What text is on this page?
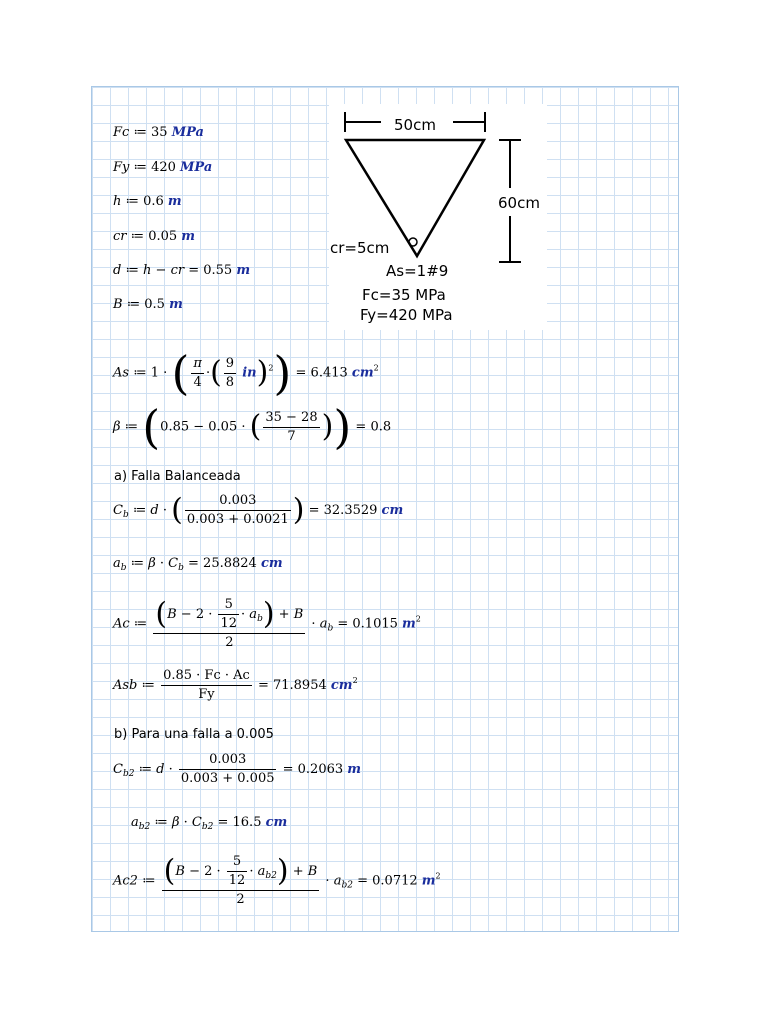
Fc ≔ 35 MPa
Fy ≔ 420 MPa
h ≔ 0.6 m
cr ≔ 0.05 m
d ≔ h − cr = 0.55 m
B ≔ 0.5 m
50cm
60cm
cr=5cm
As=1#9
Fc=35 MPa
Fy=420 MPa
As ≔ 1 · ( $\frac{\pi}{4}$ ·( $\frac{9}{8} in)^2) = 6.413$ $cm^2$
β ≔ (0.85 − 0.05 · ( $\frac{35 - 28}{7}$ )) = 0.8
a) Falla Balanceada
$C_b$ ≔ d · ( $\frac{0.003}{0.003 + 0.0021}$ ) = 32.3529 cm
$a_b$ ≔ $\beta \cdot C_b = 25.8824$ cm
Ac ≔ $\frac{(B - 2 \cdot \frac{5}{12} \cdot a_b) + B}{2} \cdot a_b = 0.1015$ $m^2$
Asb ≔ $\frac{0.85 \cdot Fc \cdot Ac}{Fy} = 71.8954$ $cm^2$
b) Para una falla a 0.005
$C_{b2}$ ≔ $d \cdot \frac{0.003}{0.003 + 0.005} = 0.2063$ m
$a_{b2}$ ≔ $\beta \cdot C_{b2} = 16.5$ cm
Ac2 ≔ $\frac{(B - 2 \cdot \frac{5}{12} \cdot a_{b2}) + B}{2} \cdot a_{b2} = 0.0712$ $m^2$
